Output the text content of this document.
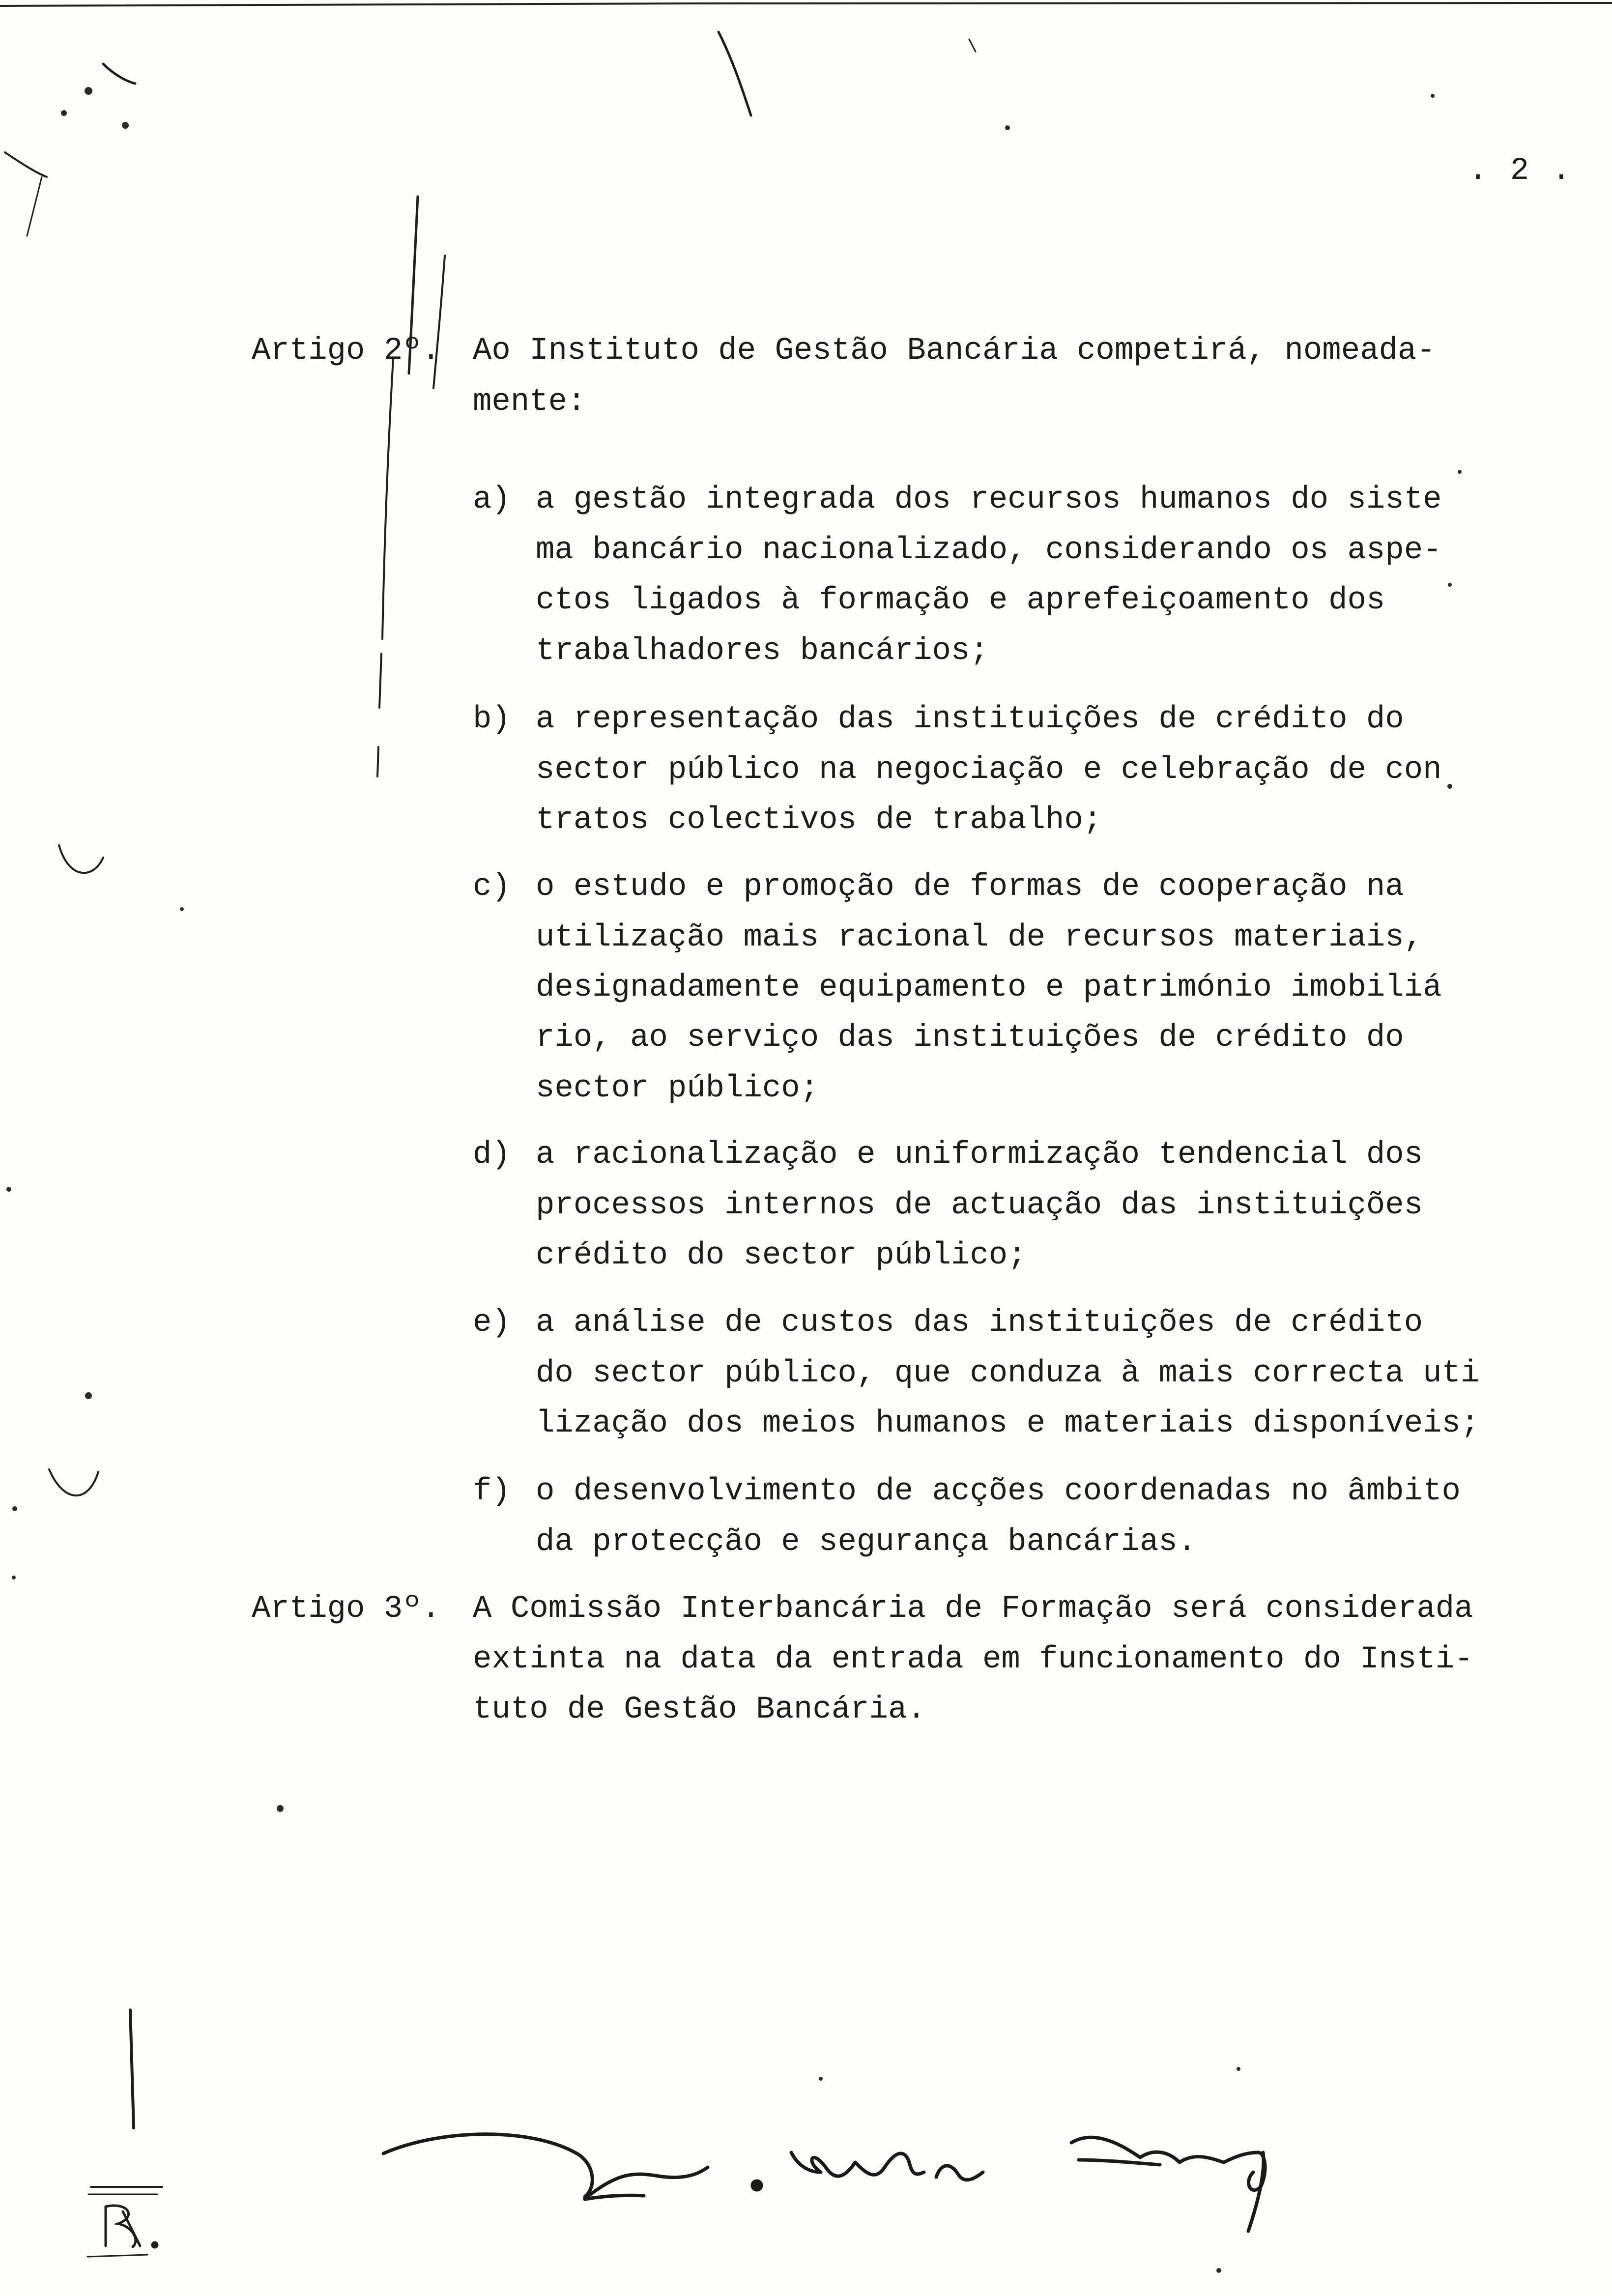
. 2 .
Artigo 2º. Ao Instituto de Gestão Bancária competirá, nomeada-
mente:
a) a gestão integrada dos recursos humanos do siste
ma bancário nacionalizado, considerando os aspe-
ctos ligados à formação e aprefeiçoamento dos
trabalhadores bancários;
b) a representação das instituições de crédito do
sector público na negociação e celebração de con
tratos colectivos de trabalho;
c) o estudo e promoção de formas de cooperação na
utilização mais racional de recursos materiais,
designadamente equipamento e património imobiliá
rio, ao serviço das instituições de crédito do
sector público;
d) a racionalização e uniformização tendencial dos
processos internos de actuação das instituições
crédito do sector público;
e) a análise de custos das instituições de crédito
do sector público, que conduza à mais correcta uti
lização dos meios humanos e materiais disponíveis;
f) o desenvolvimento de acções coordenadas no âmbito
da protecção e segurança bancárias.
Artigo 3º. A Comissão Interbancária de Formação será considerada
extinta na data da entrada em funcionamento do Insti-
tuto de Gestão Bancária.
